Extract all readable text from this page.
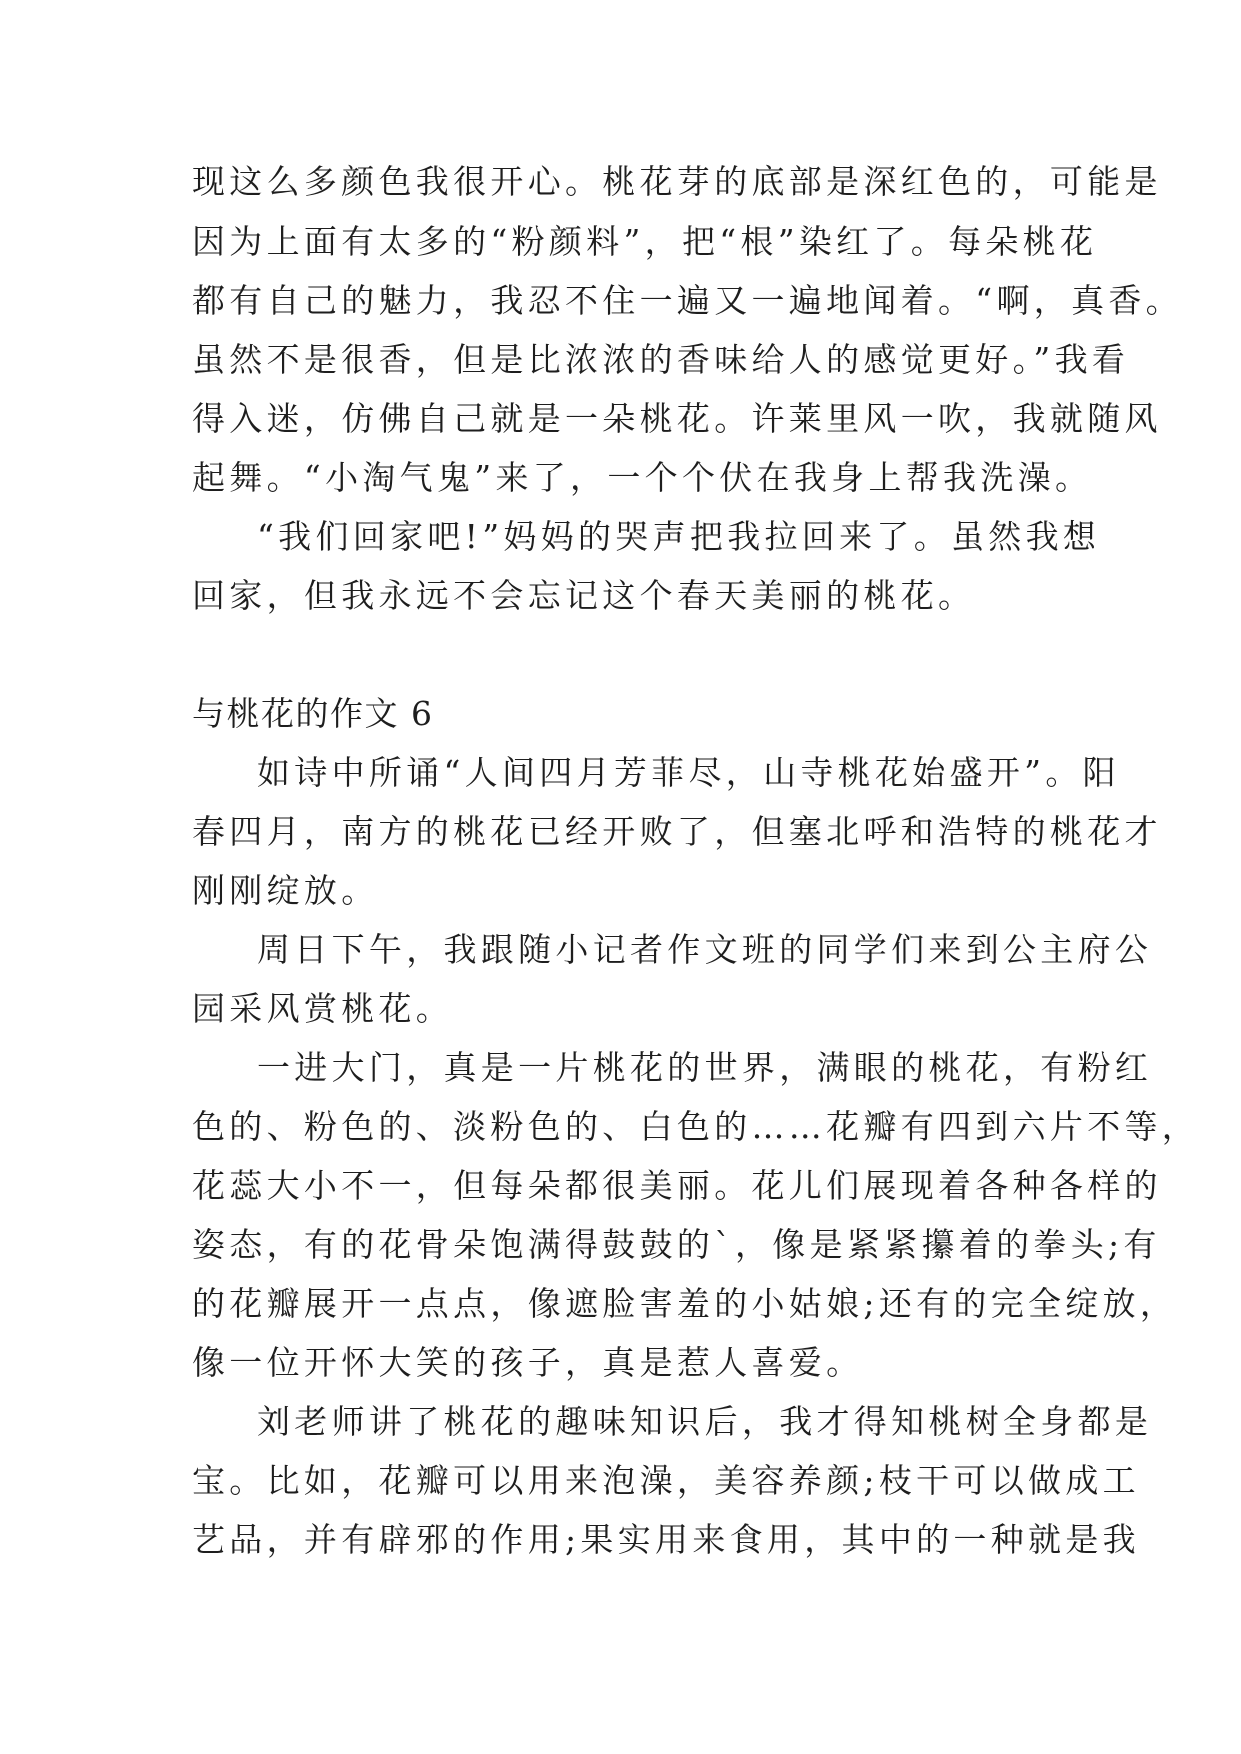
现这么多颜色我很开心。桃花芽的底部是深红色的，可能是
因为上面有太多的“粉颜料”，把“根”染红了。每朵桃花
都有自己的魅力，我忍不住一遍又一遍地闻着。“啊，真香。
虽然不是很香，但是比浓浓的香味给人的感觉更好。”我看
得入迷，仿佛自己就是一朵桃花。许莱里风一吹，我就随风
起舞。“小淘气鬼”来了，一个个伏在我身上帮我洗澡。
“我们回家吧!”妈妈的哭声把我拉回来了。虽然我想
回家，但我永远不会忘记这个春天美丽的桃花。
与桃花的作文 6
如诗中所诵“人间四月芳菲尽，山寺桃花始盛开”。阳
春四月，南方的桃花已经开败了，但塞北呼和浩特的桃花才
刚刚绽放。
周日下午，我跟随小记者作文班的同学们来到公主府公
园采风赏桃花。
一进大门，真是一片桃花的世界，满眼的桃花，有粉红
色的、粉色的、淡粉色的、白色的……花瓣有四到六片不等，
花蕊大小不一，但每朵都很美丽。花儿们展现着各种各样的
姿态，有的花骨朵饱满得鼓鼓的`，像是紧紧攥着的拳头;有
的花瓣展开一点点，像遮脸害羞的小姑娘;还有的完全绽放，
像一位开怀大笑的孩子，真是惹人喜爱。
刘老师讲了桃花的趣味知识后，我才得知桃树全身都是
宝。比如，花瓣可以用来泡澡，美容养颜;枝干可以做成工
艺品，并有辟邪的作用;果实用来食用，其中的一种就是我
